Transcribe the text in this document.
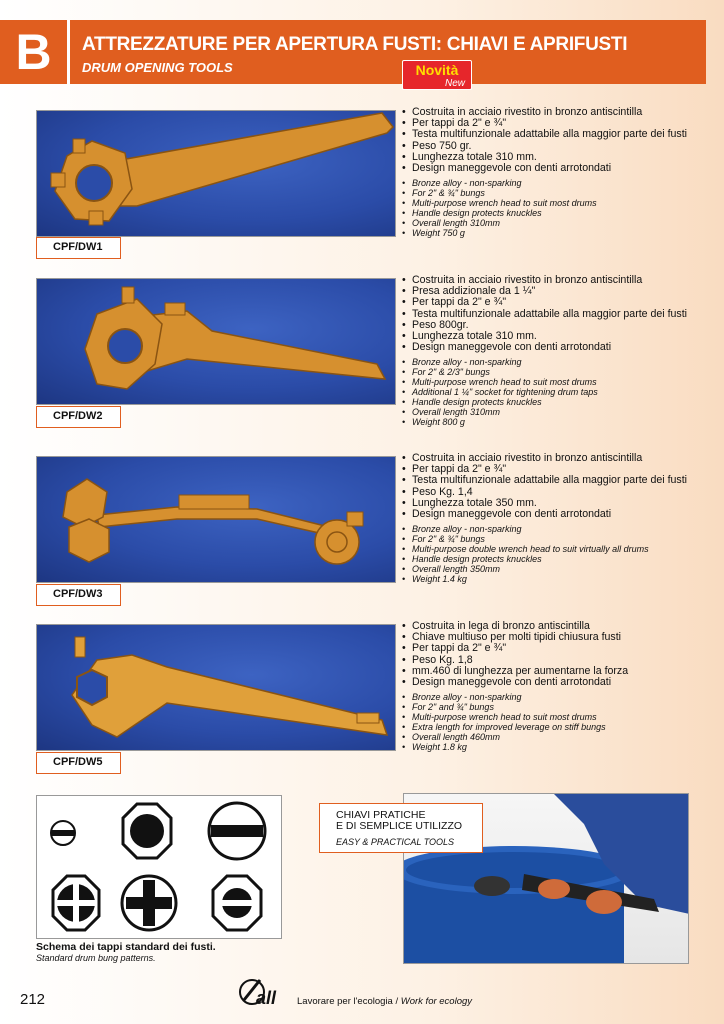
B	ATTREZZATURE PER APERTURA FUSTI: CHIAVI E APRIFUSTI
DRUM OPENING TOOLS	Novità
New
CPF/DW1
• Costruita in acciaio rivestito in bronzo antiscintilla
• Per tappi da 2" e ¾"
• Testa multifunzionale adattabile alla maggior parte dei fusti
• Peso 750 gr.
• Lunghezza totale 310 mm.
• Design maneggevole con denti arrotondati
• Bronze alloy - non-sparking
• For 2" & ¾" bungs
• Multi-purpose wrench head to suit most drums
• Handle design protects knuckles
• Overall length 310mm
• Weight 750 g
CPF/DW2
• Costruita in acciaio rivestito in bronzo antiscintilla
• Presa addizionale da 1 ¼"
• Per tappi da 2" e ¾"
• Testa multifunzionale adattabile alla maggior parte dei fusti
• Peso 800gr.
• Lunghezza totale 310 mm.
• Design maneggevole con denti arrotondati
• Bronze alloy - non-sparking
• For 2" & 2/3" bungs
• Multi-purpose wrench head to suit most drums
• Additional 1 ¼" socket for tightening drum taps
• Handle design protects knuckles
• Overall length 310mm
• Weight 800 g
CPF/DW3
• Costruita in acciaio rivestito in bronzo antiscintilla
• Per tappi da 2" e ¾"
• Testa multifunzionale adattabile alla maggior parte dei fusti
• Peso Kg. 1,4
• Lunghezza totale 350 mm.
• Design maneggevole con denti arrotondati
• Bronze alloy - non-sparking
• For 2" & ¾" bungs
• Multi-purpose double wrench head to suit virtually all drums
• Handle design protects knuckles
• Overall length 350mm
• Weight 1.4 kg
CPF/DW5
• Costruita in lega di bronzo antiscintilla
• Chiave multiuso per molti tipidi chiusura fusti
• Per tappi da 2" e ¾"
• Peso Kg. 1,8
• mm.460 di lunghezza per aumentarne la forza
• Design maneggevole con denti arrotondati
• Bronze alloy - non-sparking
• For 2" and ¾" bungs
• Multi-purpose wrench head to suit most drums
• Extra length for improved leverage on stiff bungs
• Overall length 460mm
• Weight 1.8 kg
Schema dei tappi standard dei fusti.
Standard drum bung patterns.
CHIAVI PRATICHE
E DI SEMPLICE UTILIZZO
EASY & PRACTICAL TOOLS
212	all Lavorare per l'ecologia / Work for ecology
